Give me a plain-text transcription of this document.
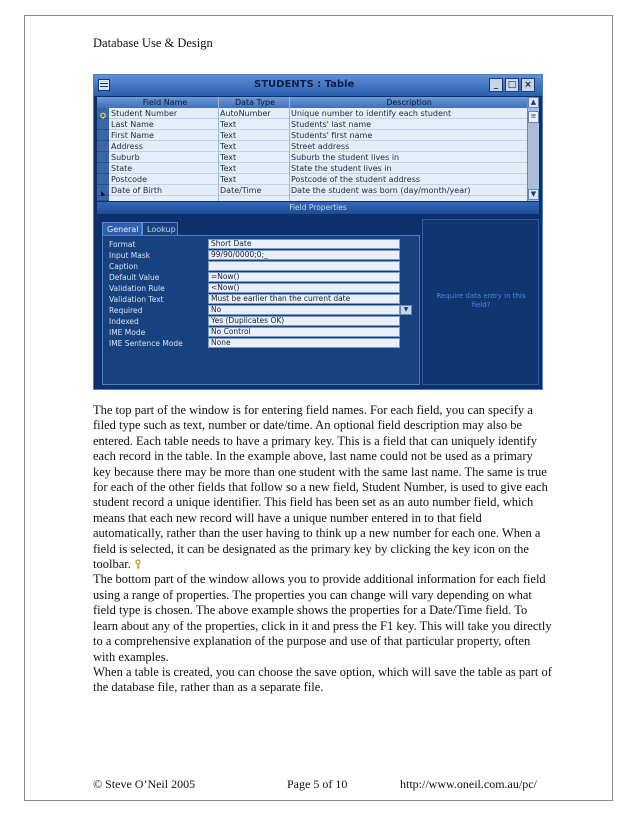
Database Use & Design
STUDENTS : Table	_	□ ×
Field Name	Data Type	Description
Student Number	AutoNumber	Unique number to identify each student
Last Name	Text	Students' last name
First Name	Text	Students' first name
Address	Text	Street address
Suburb	Text	Suburb the student lives in
State	Text	State the student lives in
Postcode	Text	Postcode of the student address
Date of Birth	Date/Time	Date the student was born (day/month/year)
▲
≡
▼
Field Properties
General	Lookup
Format	Short Date
Input Mask	99/90/0000;0;_
Caption
Default Value	=Now()
Validation Rule	<Now()
Validation Text	Must be earlier than the current date
Required	No	▼
Indexed	Yes (Duplicates OK)
IME Mode	No Control
IME Sentence Mode	None
Require data entry in this field?

The top part of the window is for entering field names. For each field, you can specify a filed type such as text, number or date/time. An optional field description may also be entered. Each table needs to have a primary key. This is a field that can uniquely identify each record in the table. In the example above, last name could not be used as a primary key because there may be more than one student with the same last name. The same is true for each of the other fields that follow so a new field, Student Number, is used to give each student record a unique identifier. This field has been set as an auto number field, which means that each new record will have a unique number entered in to that field automatically, rather than the user having to think up a new number for each one. When a field is selected, it can be designated as the primary key by clicking the key icon on the toolbar.

The bottom part of the window allows you to provide additional information for each field using a range of properties. The properties you can change will vary depending on what field type is chosen. The above example shows the properties for a Date/Time field. To learn about any of the properties, click in it and press the F1 key. This will take you directly to a comprehensive explanation of the purpose and use of that particular property, often with examples.

When a table is created, you can choose the save option, which will save the table as part of the database file, rather than as a separate file.

© Steve O’Neil 2005	Page 5 of 10	http://www.oneil.com.au/pc/
